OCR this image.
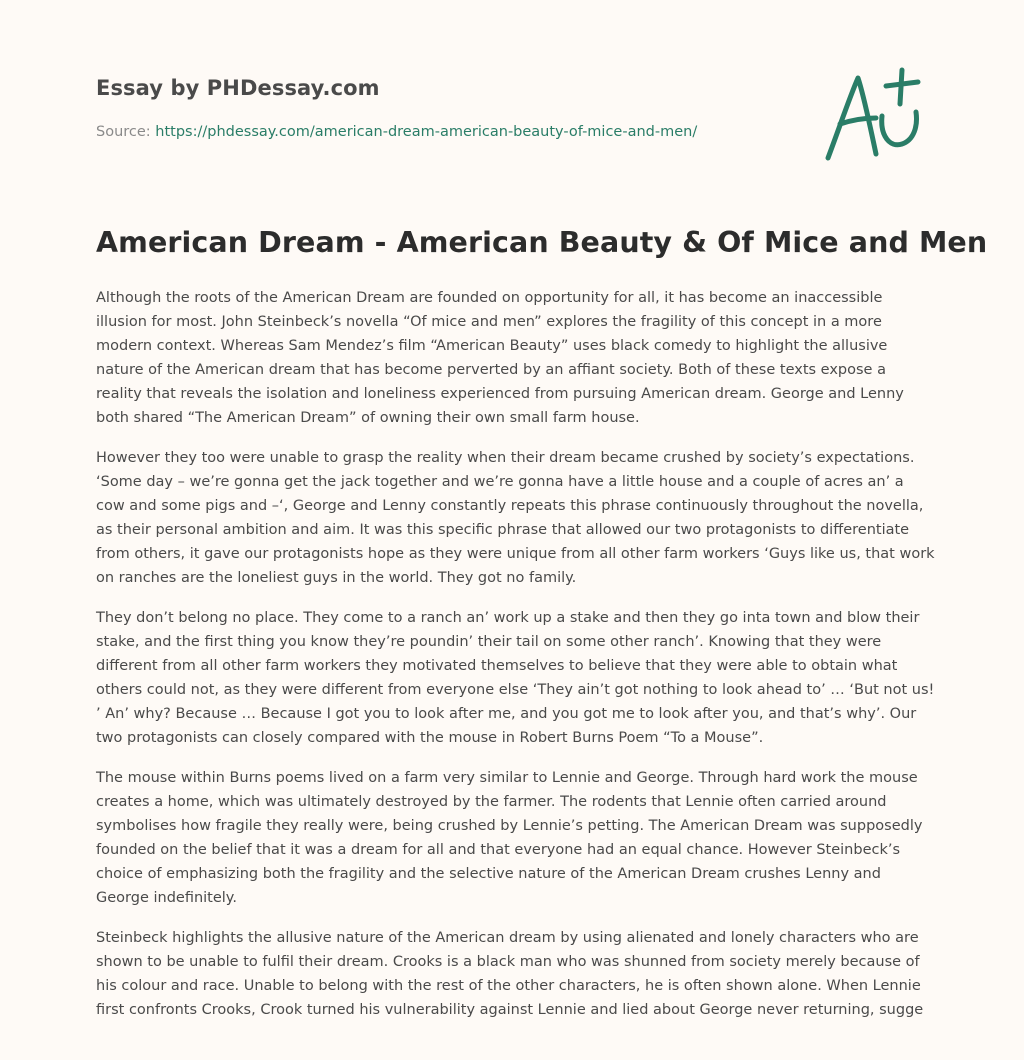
Essay by PHDessay.com
Source: https://phdessay.com/american-dream-american-beauty-of-mice-and-men/
American Dream - American Beauty & Of Mice and Men

Although the roots of the American Dream are founded on opportunity for all, it has become an inaccessible illusion for most. John Steinbeck’s novella “Of mice and men” explores the fragility of this concept in a more modern context. Whereas Sam Mendez’s film “American Beauty” uses black comedy to highlight the allusive nature of the American dream that has become perverted by an affiant society. Both of these texts expose a reality that reveals the isolation and loneliness experienced from pursuing American dream. George and Lenny both shared “The American Dream” of owning their own small farm house.

However they too were unable to grasp the reality when their dream became crushed by society’s expectations. ‘Some day – we’re gonna get the jack together and we’re gonna have a little house and a couple of acres an’ a cow and some pigs and –‘, George and Lenny constantly repeats this phrase continuously throughout the novella, as their personal ambition and aim. It was this specific phrase that allowed our two protagonists to differentiate from others, it gave our protagonists hope as they were unique from all other farm workers ‘Guys like us, that work on ranches are the loneliest guys in the world. They got no family.

They don’t belong no place. They come to a ranch an’ work up a stake and then they go inta town and blow their stake, and the first thing you know they’re poundin’ their tail on some other ranch’. Knowing that they were different from all other farm workers they motivated themselves to believe that they were able to obtain what others could not, as they were different from everyone else ‘They ain’t got nothing to look ahead to’ … ‘But not us! ’ An’ why? Because … Because I got you to look after me, and you got me to look after you, and that’s why’. Our two protagonists can closely compared with the mouse in Robert Burns Poem “To a Mouse”.

The mouse within Burns poems lived on a farm very similar to Lennie and George. Through hard work the mouse creates a home, which was ultimately destroyed by the farmer. The rodents that Lennie often carried around symbolises how fragile they really were, being crushed by Lennie’s petting. The American Dream was supposedly founded on the belief that it was a dream for all and that everyone had an equal chance. However Steinbeck’s choice of emphasizing both the fragility and the selective nature of the American Dream crushes Lenny and George indefinitely.

Steinbeck highlights the allusive nature of the American dream by using alienated and lonely characters who are shown to be unable to fulfil their dream. Crooks is a black man who was shunned from society merely because of his colour and race. Unable to belong with the rest of the other characters, he is often shown alone. When Lennie first confronts Crooks, Crook turned his vulnerability against Lennie and lied about George never returning, sugge
